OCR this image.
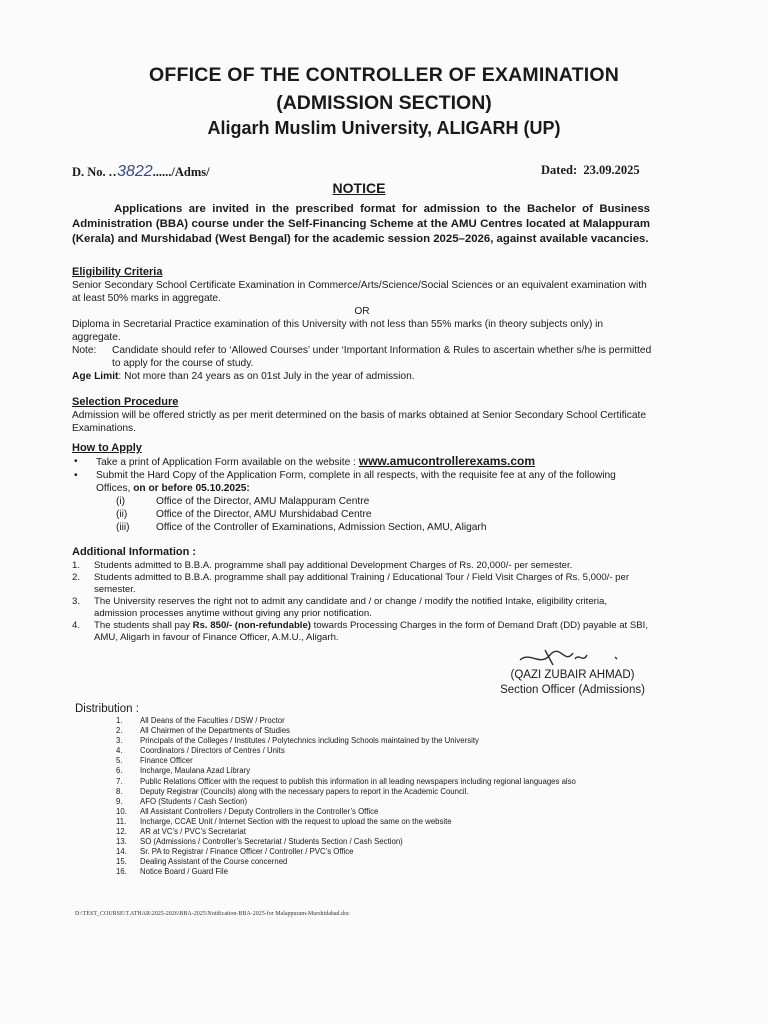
OFFICE OF THE CONTROLLER OF EXAMINATION
(ADMISSION SECTION)
Aligarh Muslim University, ALIGARH (UP)
D. No. ..3822....../Adms/	Dated: 23.09.2025
NOTICE
Applications are invited in the prescribed format for admission to the Bachelor of Business Administration (BBA) course under the Self-Financing Scheme at the AMU Centres located at Malappuram (Kerala) and Murshidabad (West Bengal) for the academic session 2025–2026, against available vacancies.
Eligibility Criteria
Senior Secondary School Certificate Examination in Commerce/Arts/Science/Social Sciences or an equivalent examination with at least 50% marks in aggregate.
OR
Diploma in Secretarial Practice examination of this University with not less than 55% marks (in theory subjects only) in aggregate.
Note:	Candidate should refer to ‘Allowed Courses’ under ‘Important Information & Rules to ascertain whether s/he is permitted to apply for the course of study.
Age Limit: Not more than 24 years as on 01st July in the year of admission.
Selection Procedure
Admission will be offered strictly as per merit determined on the basis of marks obtained at Senior Secondary School Certificate Examinations.
How to Apply
•	Take a print of Application Form available on the website : www.amucontrollerexams.com
•	Submit the Hard Copy of the Application Form, complete in all respects, with the requisite fee at any of the following Offices, on or before 05.10.2025:
(i)	Office of the Director, AMU Malappuram Centre
(ii)	Office of the Director, AMU Murshidabad Centre
(iii)	Office of the Controller of Examinations, Admission Section, AMU, Aligarh
Additional Information :
1.	Students admitted to B.B.A. programme shall pay additional Development Charges of Rs. 20,000/- per semester.
2.	Students admitted to B.B.A. programme shall pay additional Training / Educational Tour / Field Visit Charges of Rs. 5,000/- per semester.
3.	The University reserves the right not to admit any candidate and / or change / modify the notified Intake, eligibility criteria, admission processes anytime without giving any prior notification.
4.	The students shall pay Rs. 850/- (non-refundable) towards Processing Charges in the form of Demand Draft (DD) payable at SBI, AMU, Aligarh in favour of Finance Officer, A.M.U., Aligarh.
(QAZI ZUBAIR AHMAD)
Section Officer (Admissions)
Distribution :
1.	All Deans of the Faculties / DSW / Proctor
2.	All Chairmen of the Departments of Studies
3.	Principals of the Colleges / Institutes / Polytechnics including Schools maintained by the University
4.	Coordinators / Directors of Centres / Units
5.	Finance Officer
6.	Incharge, Maulana Azad Library
7.	Public Relations Officer with the request to publish this information in all leading newspapers including regional languages also
8.	Deputy Registrar (Councils) along with the necessary papers to report in the Academic Council.
9.	AFO (Students / Cash Section)
10.	All Assistant Controllers / Deputy Controllers in the Controller’s Office
11.	Incharge, CCAE Unit / Internet Section with the request to upload the same on the website
12.	AR at VC’s / PVC’s Secretariat
13.	SO (Admissions / Controller’s Secretariat / Students Section / Cash Section)
14.	Sr. PA to Registrar / Finance Officer / Controller / PVC’s Office
15.	Dealing Assistant of the Course concerned
16.	Notice Board / Guard File
D:\TEST_COURSE\T.ATHAR\2025-2026\BBA-2025\Notification-BBA-2025-for Malappuram-Murshidabad.doc
